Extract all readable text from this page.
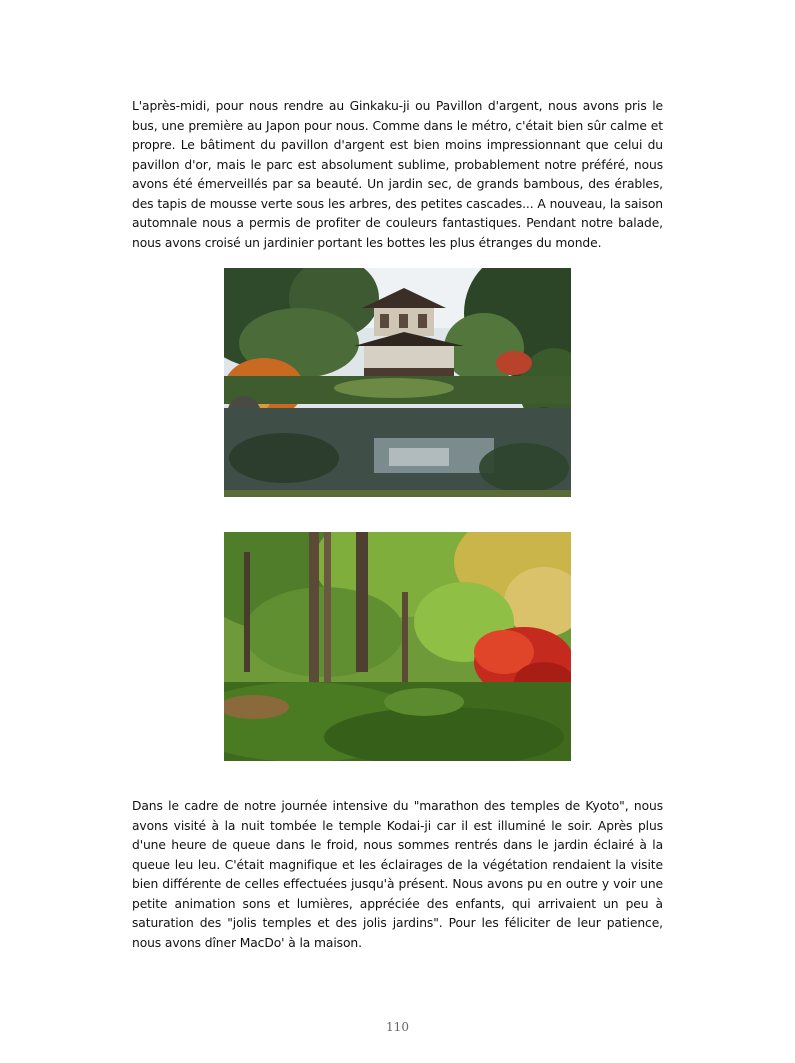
L'après-midi, pour nous rendre au Ginkaku-ji ou Pavillon d'argent, nous avons pris le bus, une première au Japon pour nous. Comme dans le métro, c'était bien sûr calme et propre. Le bâtiment du pavillon d'argent est bien moins impressionnant que celui du pavillon d'or, mais le parc est absolument sublime, probablement notre préféré, nous avons été émerveillés par sa beauté. Un jardin sec, de grands bambous, des érables, des tapis de mousse verte sous les arbres, des petites cascades... A nouveau, la saison automnale nous a permis de profiter de couleurs fantastiques. Pendant notre balade, nous avons croisé un jardinier portant les bottes les plus étranges du monde.

Dans le cadre de notre journée intensive du "marathon des temples de Kyoto", nous avons visité à la nuit tombée le temple Kodai-ji car il est illuminé le soir. Après plus d'une heure de queue dans le froid, nous sommes rentrés dans le jardin éclairé à la queue leu leu. C'était magnifique et les éclairages de la végétation rendaient la visite bien différente de celles effectuées jusqu'à présent. Nous avons pu en outre y voir une petite animation sons et lumières, appréciée des enfants, qui arrivaient un peu à saturation des "jolis temples et des jolis jardins". Pour les féliciter de leur patience, nous avons dîner MacDo' à la maison.

110
